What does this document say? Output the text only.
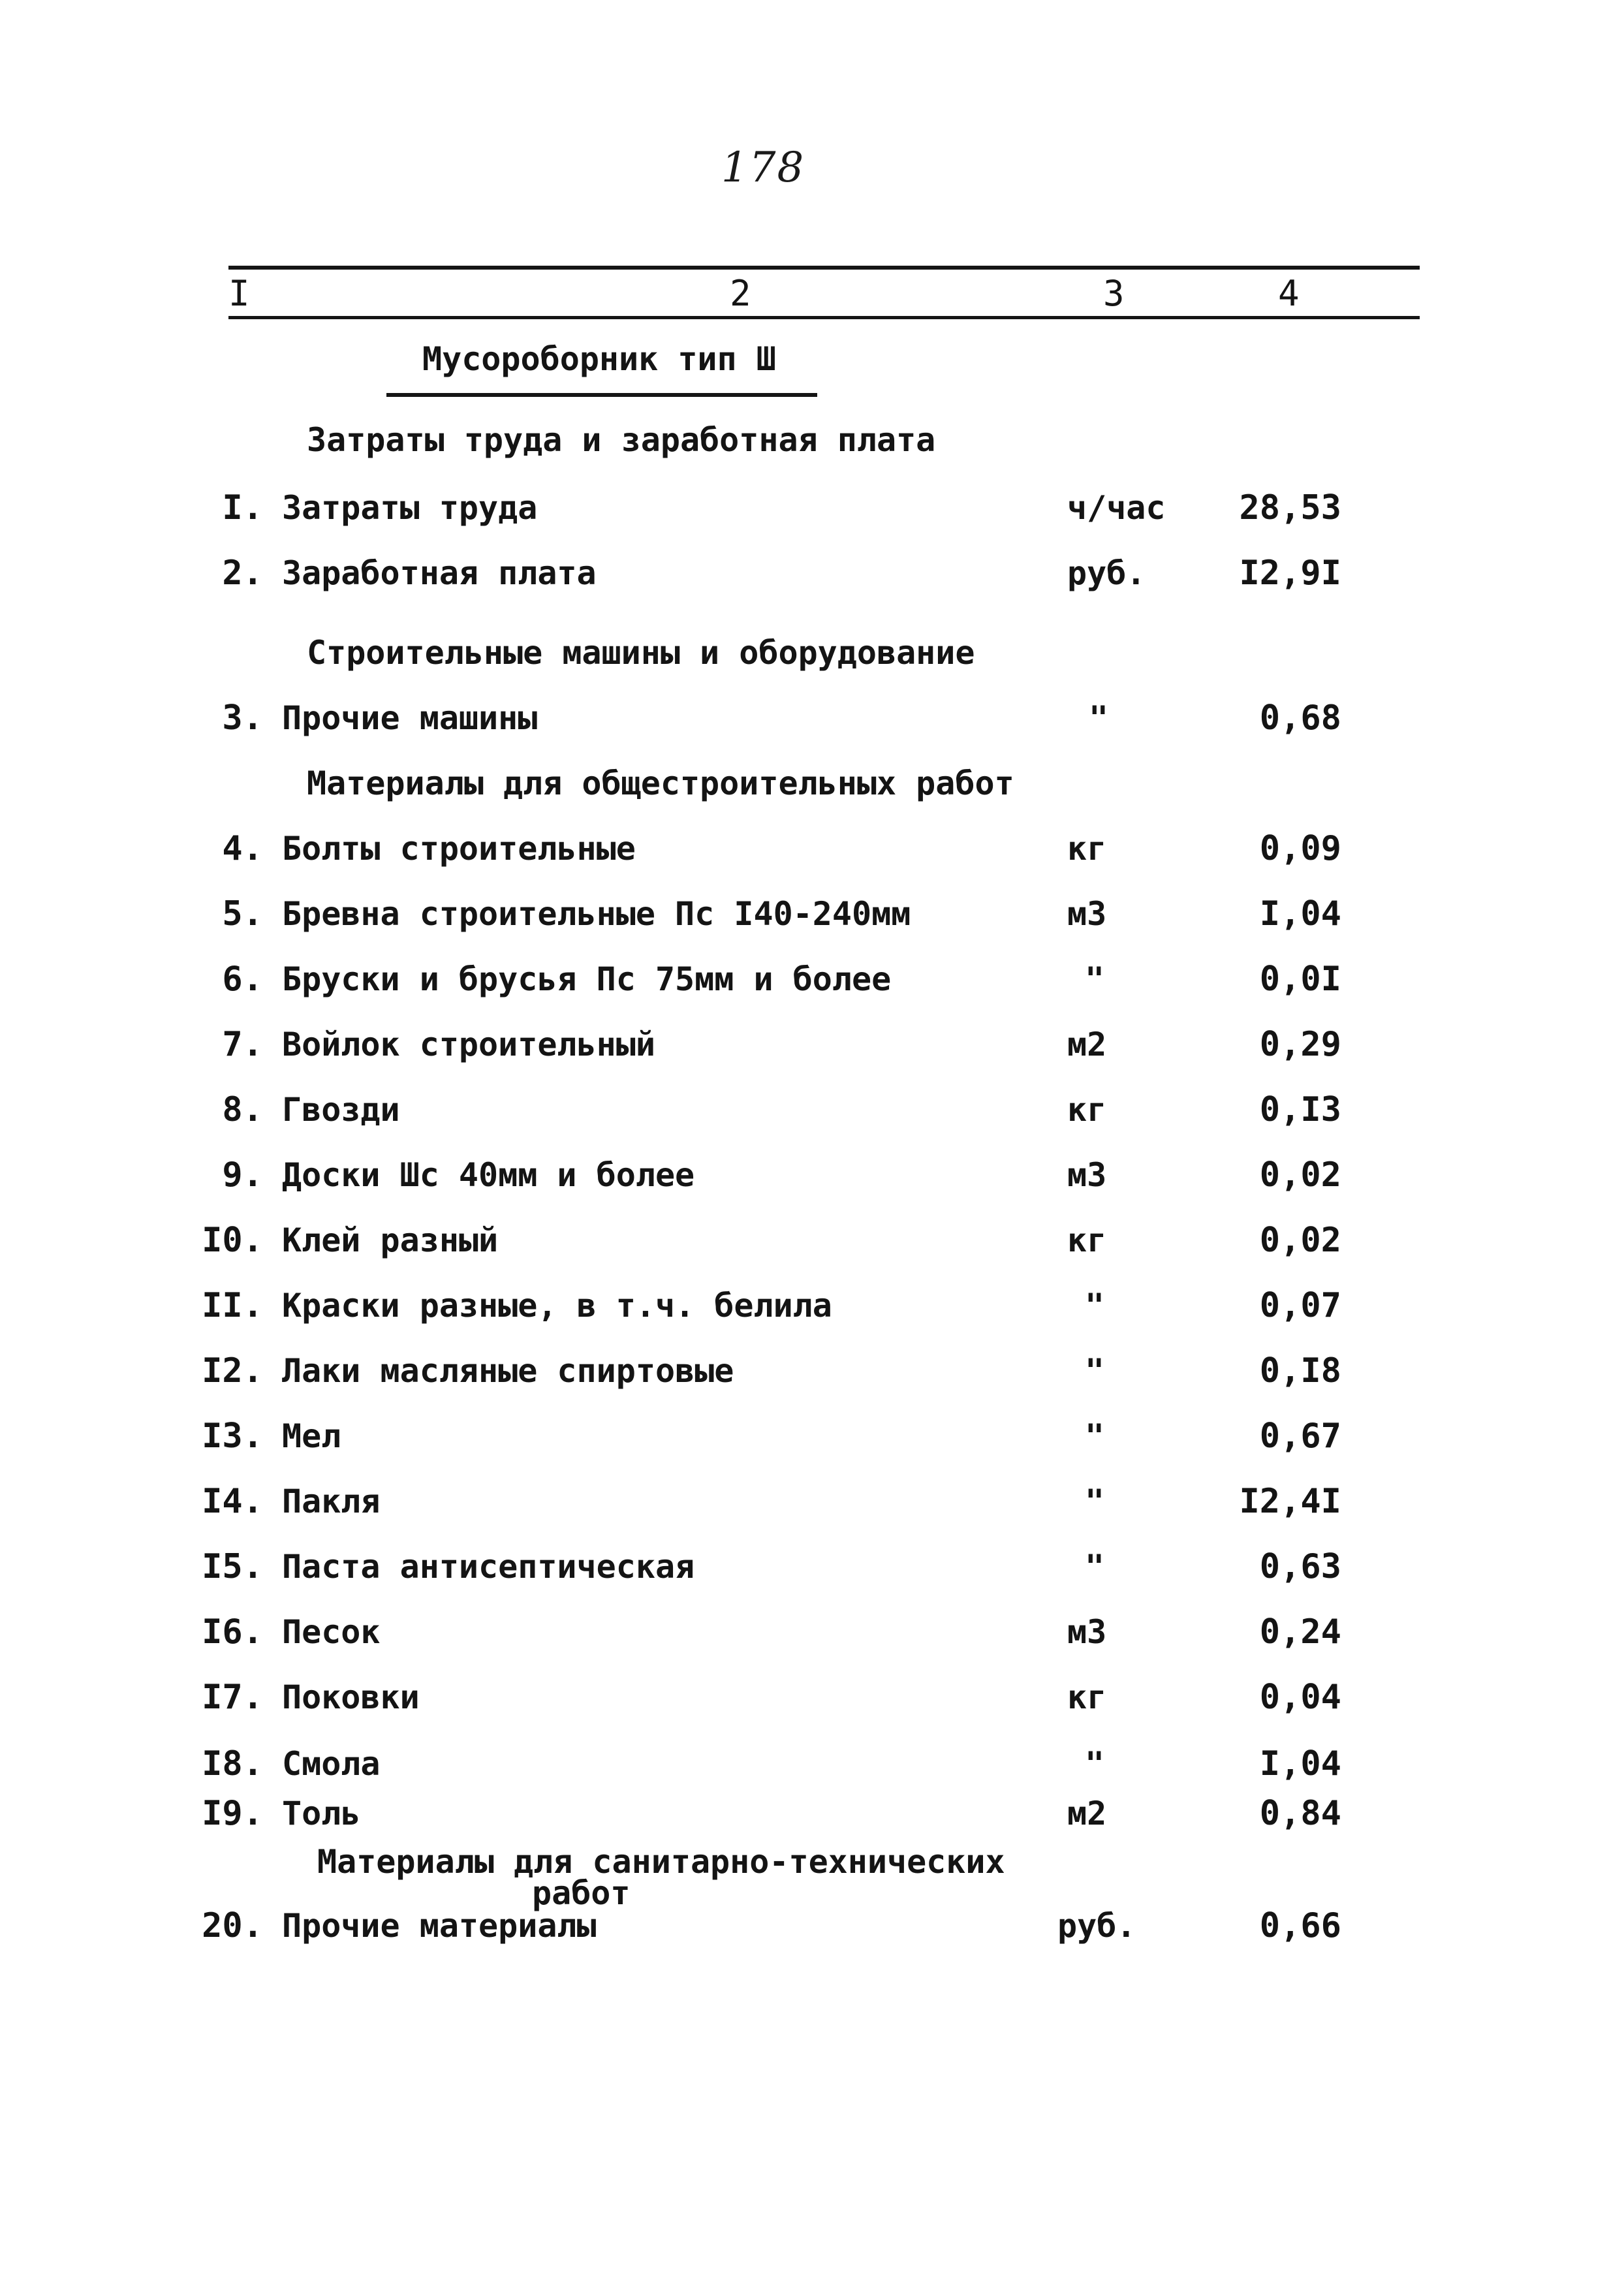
178
I	2	3	4
Мусороборник тип Ш
Затраты труда и заработная плата
I. Затраты труда	ч/час 28,53
2. Заработная плата	руб.	I2,9I
Строительные машины и оборудование
3. Прочие машины	"	0,68
Материалы для общестроительных работ
4. Болты строительные	кг	0,09
5. Бревна строительные Пс I40-240мм	м3	I,04
6. Бруски и брусья Пс 75мм и более	"	0,0I
7. Войлок строительный	м2	0,29
8. Гвозди	кг	0,I3
9. Доски Шс 40мм и более	м3	0,02
I0. Клей разный	кг	0,02
II. Краски разные, в т.ч. белила	"	0,07
I2. Лаки масляные спиртовые	"	0,I8
I3. Мел	"	0,67
I4. Пакля	"	I2,4I
I5. Паста антисептическая	"	0,63
I6. Песок	м3	0,24
I7. Поковки	кг	0,04
I8. Смола	"	I,04
I9. Толь	м2	0,84
Материалы для санитарно-технических
работ
20. Прочие материалы	руб.	0,66
